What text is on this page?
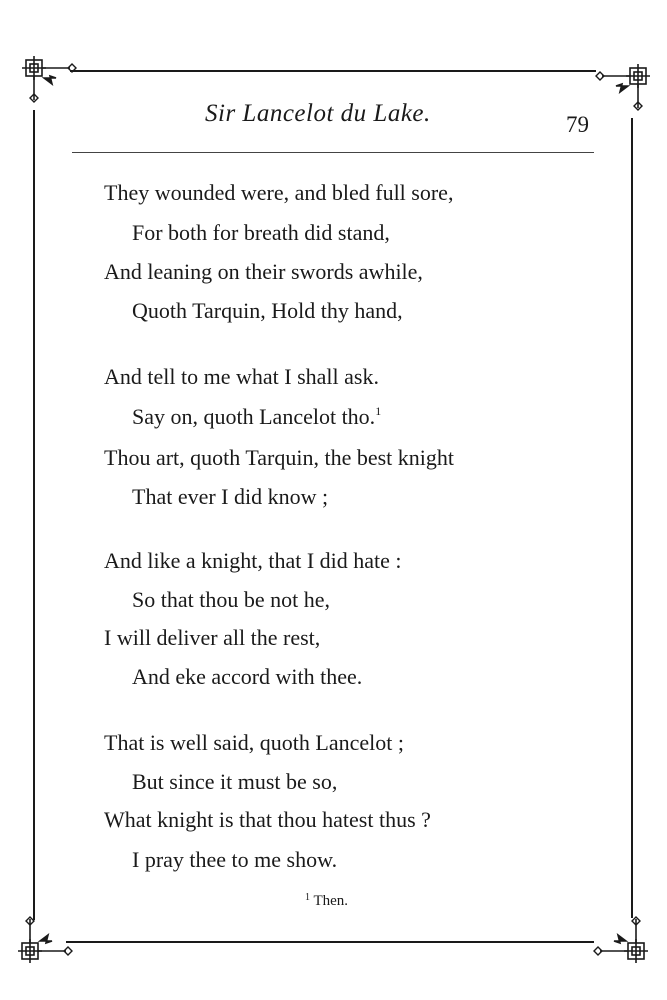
Sir Lancelot du Lake.	79
They wounded were, and bled full sore,
For both for breath did stand,
And leaning on their swords awhile,
Quoth Tarquin, Hold thy hand,
And tell to me what I shall ask.
Say on, quoth Lancelot tho.$^1$
Thou art, quoth Tarquin, the best knight
That ever I did know ;
And like a knight, that I did hate :
So that thou be not he,
I will deliver all the rest,
And eke accord with thee.
That is well said, quoth Lancelot ;
But since it must be so,
What knight is that thou hatest thus ?
I pray thee to me show.
$^1$ Then.
